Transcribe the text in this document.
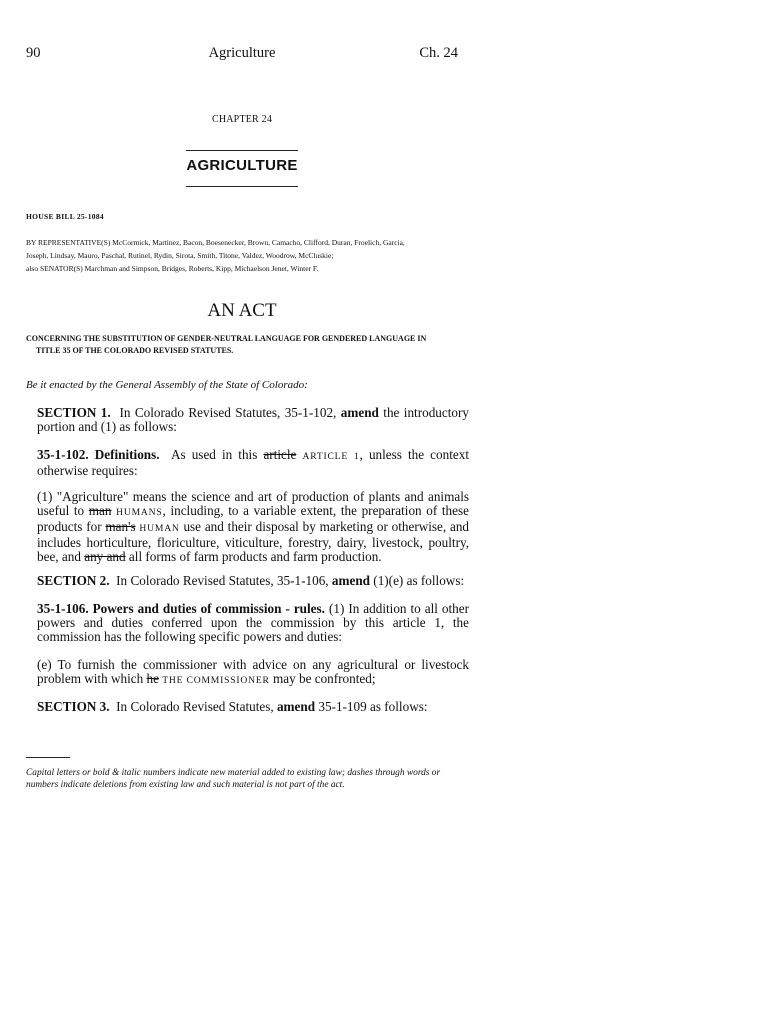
90	Agriculture	Ch. 24
CHAPTER 24
AGRICULTURE
HOUSE BILL 25-1084
BY REPRESENTATIVE(S) McCormick, Martinez, Bacon, Boesenecker, Brown, Camacho, Clifford, Duran, Froelich, Garcia,
Joseph, Lindsay, Mauro, Paschal, Rutinel, Rydin, Sirota, Smith, Titone, Valdez, Woodrow, McCluskie;
also SENATOR(S) Marchman and Simpson, Bridges, Roberts, Kipp, Michaelson Jenet, Winter F.
AN ACT
CONCERNING THE SUBSTITUTION OF GENDER-NEUTRAL LANGUAGE FOR GENDERED LANGUAGE IN
TITLE 35 OF THE COLORADO REVISED STATUTES.
Be it enacted by the General Assembly of the State of Colorado:
SECTION 1. In Colorado Revised Statutes, 35-1-102, amend the introductory portion and (1) as follows:
35-1-102. Definitions. As used in this article ARTICLE 1, unless the context otherwise requires:
(1) "Agriculture" means the science and art of production of plants and animals useful to man HUMANS, including, to a variable extent, the preparation of these products for man's HUMAN use and their disposal by marketing or otherwise, and includes horticulture, floriculture, viticulture, forestry, dairy, livestock, poultry, bee, and any and all forms of farm products and farm production.
SECTION 2. In Colorado Revised Statutes, 35-1-106, amend (1)(e) as follows:
35-1-106. Powers and duties of commission - rules. (1) In addition to all other powers and duties conferred upon the commission by this article 1, the commission has the following specific powers and duties:
(e) To furnish the commissioner with advice on any agricultural or livestock problem with which he THE COMMISSIONER may be confronted;
SECTION 3. In Colorado Revised Statutes, amend 35-1-109 as follows:
Capital letters or bold & italic numbers indicate new material added to existing law; dashes through words or numbers indicate deletions from existing law and such material is not part of the act.
